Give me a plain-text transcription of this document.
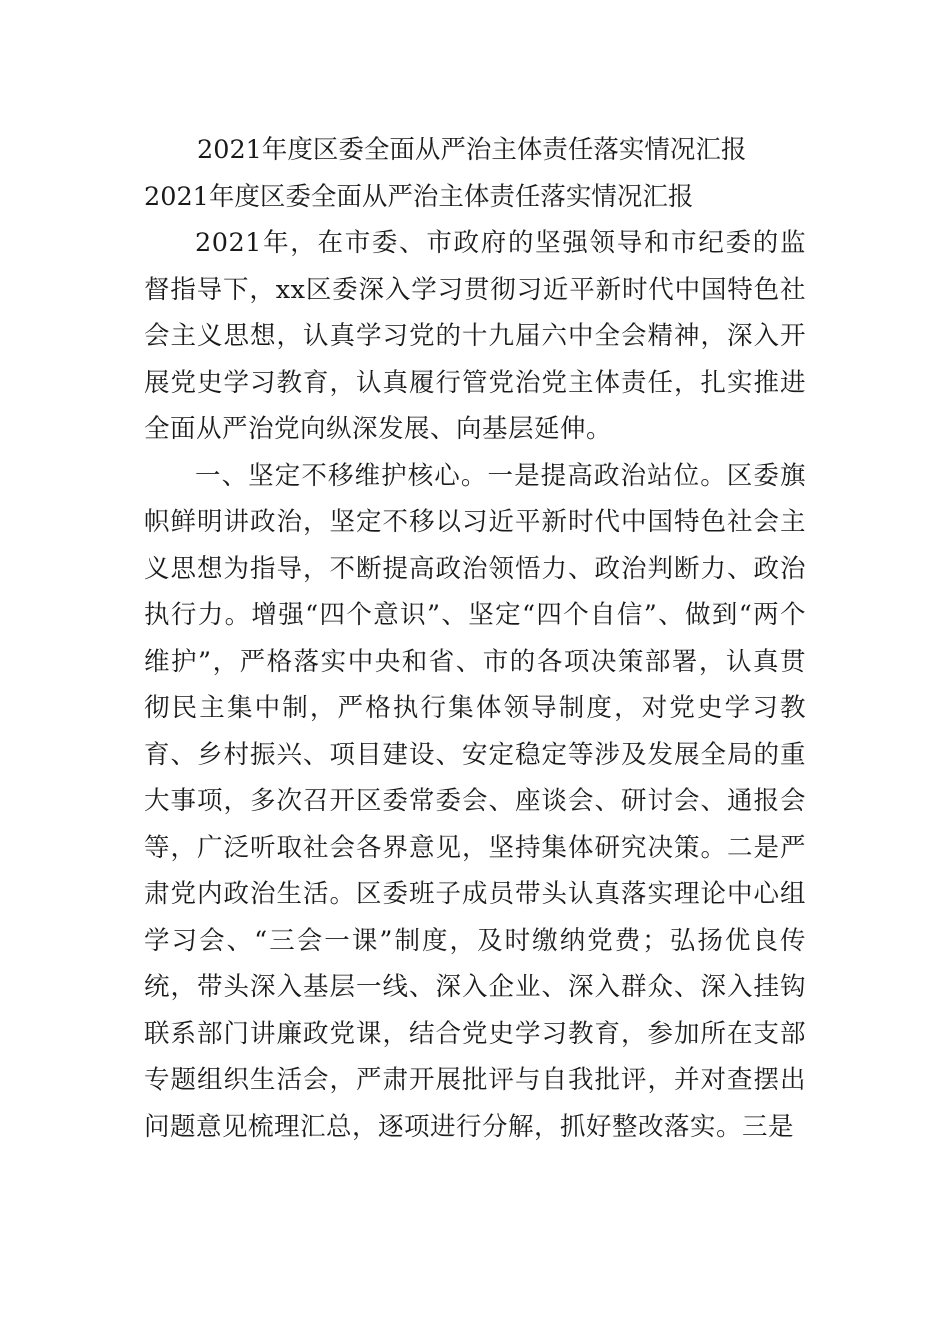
2021年度区委全面从严治主体责任落实情况汇报
2021年度区委全面从严治主体责任落实情况汇报

2021年，在市委、市政府的坚强领导和市纪委的监督指导下，xx区委深入学习贯彻习近平新时代中国特色社会主义思想，认真学习党的十九届六中全会精神，深入开展党史学习教育，认真履行管党治党主体责任，扎实推进全面从严治党向纵深发展、向基层延伸。

一、坚定不移维护核心。一是提高政治站位。区委旗帜鲜明讲政治，坚定不移以习近平新时代中国特色社会主义思想为指导，不断提高政治领悟力、政治判断力、政治执行力。增强“四个意识”、坚定“四个自信”、做到“两个维护”，严格落实中央和省、市的各项决策部署，认真贯彻民主集中制，严格执行集体领导制度，对党史学习教育、乡村振兴、项目建设、安定稳定等涉及发展全局的重大事项，多次召开区委常委会、座谈会、研讨会、通报会等，广泛听取社会各界意见，坚持集体研究决策。二是严肃党内政治生活。区委班子成员带头认真落实理论中心组学习会、“三会一课”制度，及时缴纳党费；弘扬优良传统，带头深入基层一线、深入企业、深入群众、深入挂钩联系部门讲廉政党课，结合党史学习教育，参加所在支部专题组织生活会，严肃开展批评与自我批评，并对查摆出问题意见梳理汇总，逐项进行分解，抓好整改落实。三是
